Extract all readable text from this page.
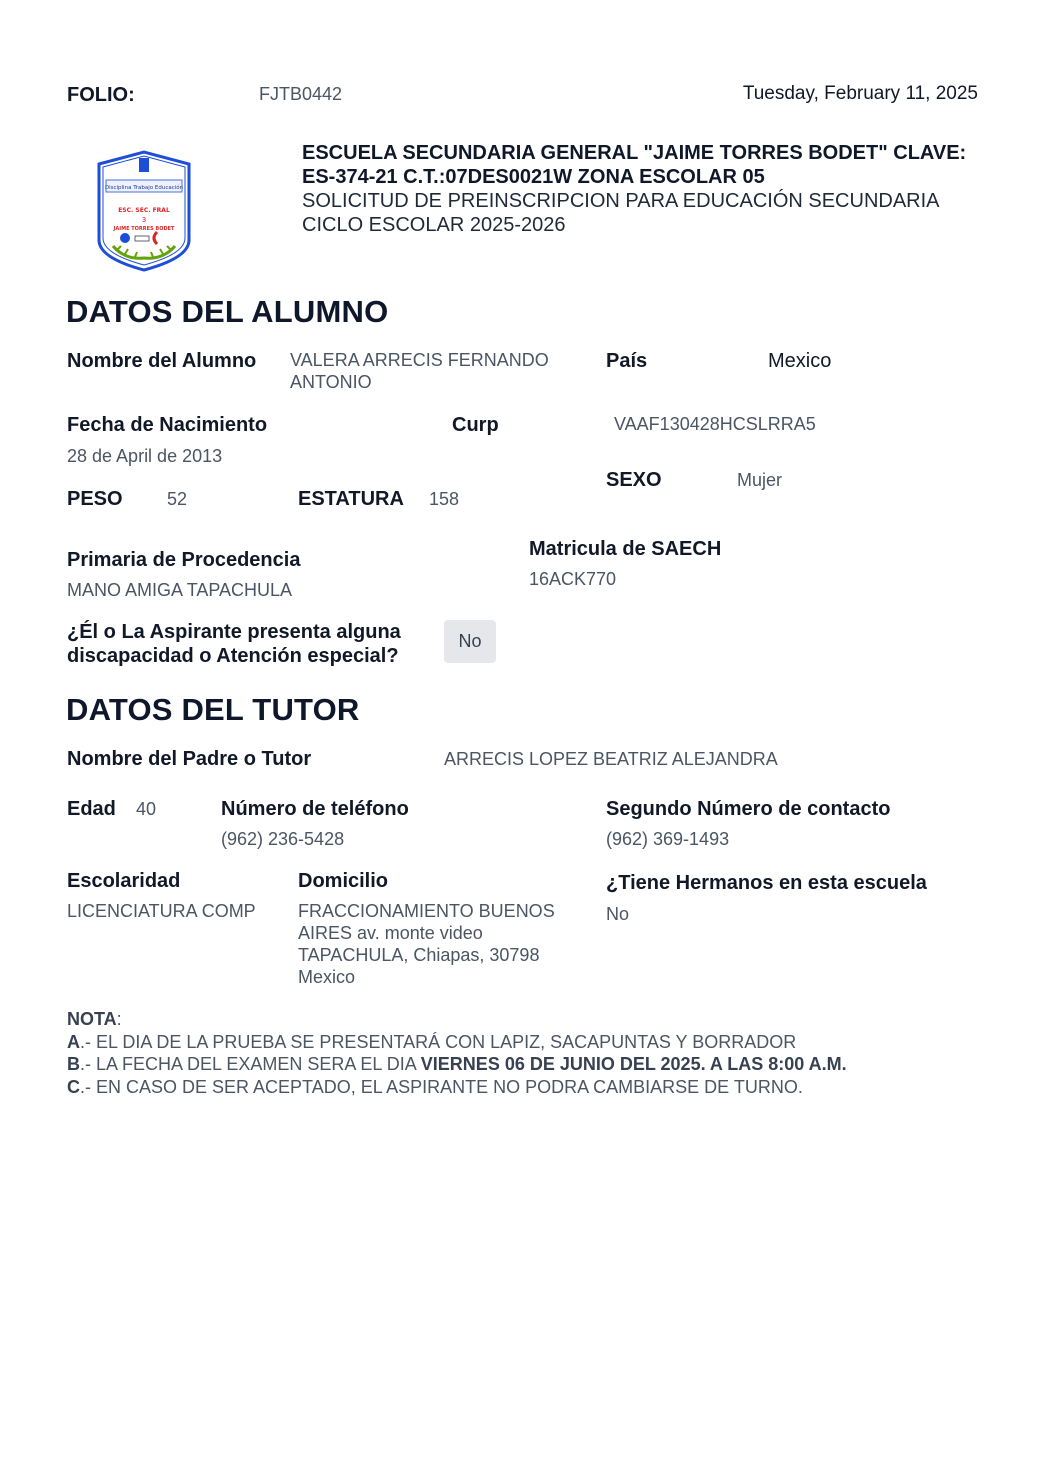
FOLIO:	FJTB0442	Tuesday, February 11, 2025
Disciplina Trabajo Educación
ESC. SEC. FRAL
3
JAIME TORRES BODET
ESCUELA SECUNDARIA GENERAL "JAIME TORRES BODET" CLAVE:
ES-374-21 C.T.:07DES0021W ZONA ESCOLAR 05
SOLICITUD DE PREINSCRIPCION PARA EDUCACIÓN SECUNDARIA
CICLO ESCOLAR 2025-2026
DATOS DEL ALUMNO
Nombre del Alumno VALERA ARRECIS FERNANDO
ANTONIO
País	Mexico
Fecha de Nacimiento
28 de April de 2013
Curp	VAAF130428HCSLRRA5
SEXO	Mujer
PESO 52	ESTATURA 158
Primaria de Procedencia
MANO AMIGA TAPACHULA
Matricula de SAECH
16ACK770
¿Él o La Aspirante presenta alguna
discapacidad o Atención especial?
No
DATOS DEL TUTOR
Nombre del Padre o Tutor	ARRECIS LOPEZ BEATRIZ ALEJANDRA
Edad 40	Número de teléfono
(962) 236-5428
Segundo Número de contacto
(962) 369-1493
Escolaridad
LICENCIATURA COMP
Domicilio
FRACCIONAMIENTO BUENOS
AIRES av. monte video
TAPACHULA, Chiapas, 30798
Mexico
¿Tiene Hermanos en esta escuela
No
NOTA:
A.- EL DIA DE LA PRUEBA SE PRESENTARÁ CON LAPIZ, SACAPUNTAS Y BORRADOR
B.- LA FECHA DEL EXAMEN SERA EL DIA VIERNES 06 DE JUNIO DEL 2025. A LAS 8:00 A.M.
C.- EN CASO DE SER ACEPTADO, EL ASPIRANTE NO PODRA CAMBIARSE DE TURNO.
